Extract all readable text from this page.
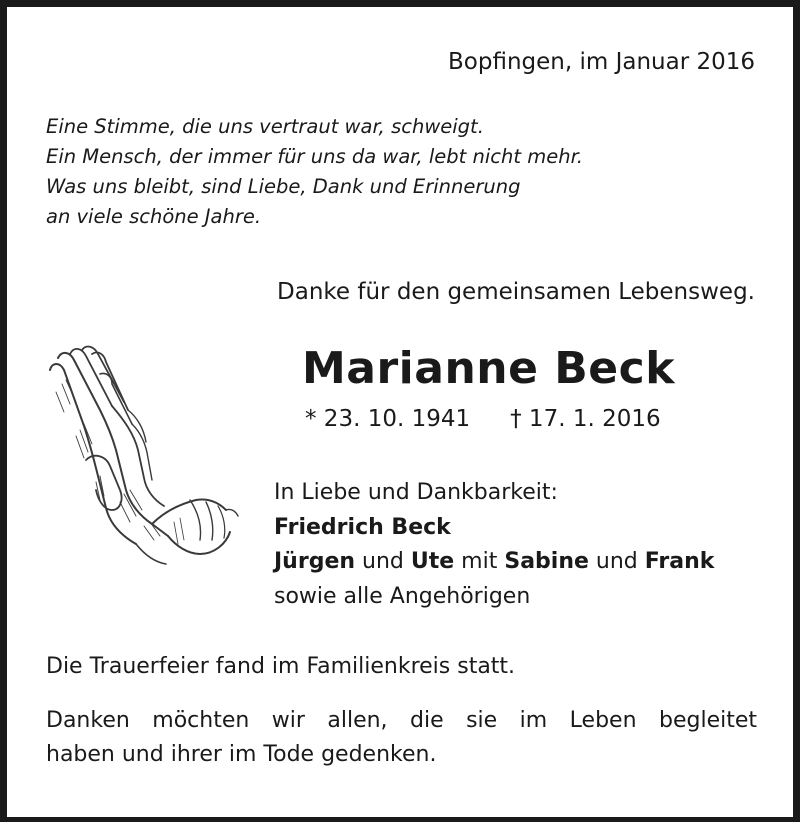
Bopfingen, im Januar 2016

Eine Stimme, die uns vertraut war, schweigt.
Ein Mensch, der immer für uns da war, lebt nicht mehr.
Was uns bleibt, sind Liebe, Dank und Erinnerung
an viele schöne Jahre.

Danke für den gemeinsamen Lebensweg.

Marianne Beck

* 23. 10. 1941 † 17. 1. 2016

In Liebe und Dankbarkeit:
Friedrich Beck
Jürgen und Ute mit Sabine und Frank
sowie alle Angehörigen

Die Trauerfeier fand im Familienkreis statt.

Danken möchten wir allen, die sie im Leben begleitet
haben und ihrer im Tode gedenken.
